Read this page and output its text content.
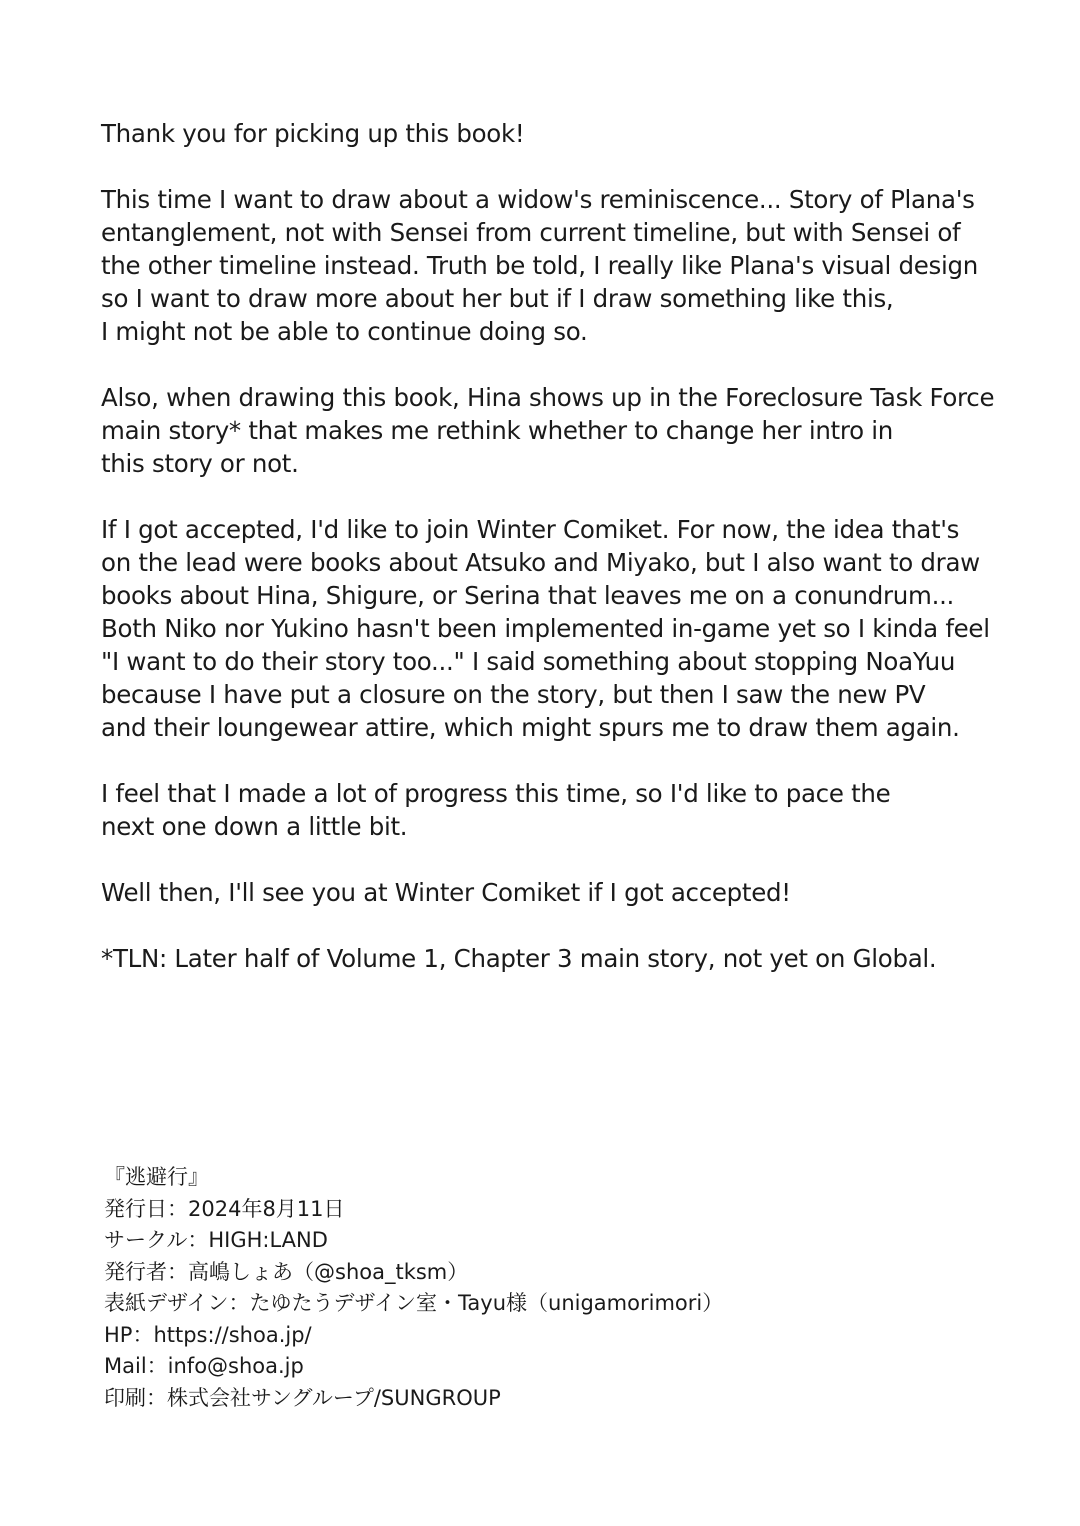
Thank you for picking up this book!

This time I want to draw about a widow's reminiscence... Story of Plana's
entanglement, not with Sensei from current timeline, but with Sensei of
the other timeline instead. Truth be told, I really like Plana's visual design
so I want to draw more about her but if I draw something like this,
I might not be able to continue doing so.

Also, when drawing this book, Hina shows up in the Foreclosure Task Force
main story* that makes me rethink whether to change her intro in
this story or not.

If I got accepted, I'd like to join Winter Comiket. For now, the idea that's
on the lead were books about Atsuko and Miyako, but I also want to draw
books about Hina, Shigure, or Serina that leaves me on a conundrum...
Both Niko nor Yukino hasn't been implemented in-game yet so I kinda feel
"I want to do their story too..." I said something about stopping NoaYuu
because I have put a closure on the story, but then I saw the new PV
and their loungewear attire, which might spurs me to draw them again.

I feel that I made a lot of progress this time, so I'd like to pace the
next one down a little bit.

Well then, I'll see you at Winter Comiket if I got accepted!

*TLN: Later half of Volume 1, Chapter 3 main story, not yet on Global.

『逃避行』
発行日：2024年8月11日
サークル：HIGH:LAND
発行者：高嶋しょあ（@shoa_tksm）
表紙デザイン：たゆたうデザイン室・Tayu様（unigamorimori）
HP：https://shoa.jp/
Mail：info@shoa.jp
印刷：株式会社サングループ/SUNGROUP
